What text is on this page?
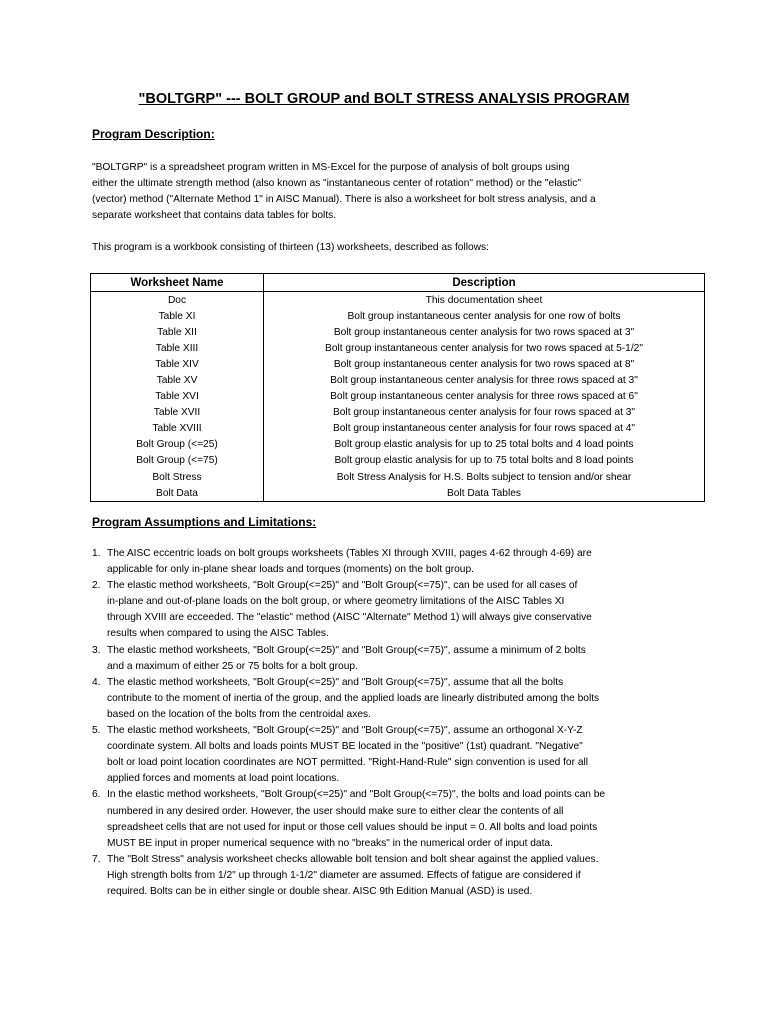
"BOLTGRP" --- BOLT GROUP and BOLT STRESS ANALYSIS PROGRAM
Program Description:
"BOLTGRP" is a spreadsheet program written in MS-Excel for the purpose of analysis of bolt groups using
either the ultimate strength method (also known as "instantaneous center of rotation" method) or the "elastic"
(vector) method ("Alternate Method 1" in AISC Manual). There is also a worksheet for bolt stress analysis, and a
separate worksheet that contains data tables for bolts.
This program is a workbook consisting of thirteen (13) worksheets, described as follows:
Worksheet Name	Description
Doc	This documentation sheet
Table XI	Bolt group instantaneous center analysis for one row of bolts
Table XII	Bolt group instantaneous center analysis for two rows spaced at 3"
Table XIII	Bolt group instantaneous center analysis for two rows spaced at 5-1/2"
Table XIV	Bolt group instantaneous center analysis for two rows spaced at 8"
Table XV	Bolt group instantaneous center analysis for three rows spaced at 3"
Table XVI	Bolt group instantaneous center analysis for three rows spaced at 6"
Table XVII	Bolt group instantaneous center analysis for four rows spaced at 3"
Table XVIII	Bolt group instantaneous center analysis for four rows spaced at 4"
Bolt Group (<=25)	Bolt group elastic analysis for up to 25 total bolts and 4 load points
Bolt Group (<=75)	Bolt group elastic analysis for up to 75 total bolts and 8 load points
Bolt Stress	Bolt Stress Analysis for H.S. Bolts subject to tension and/or shear
Bolt Data	Bolt Data Tables
Program Assumptions and Limitations:
1. The AISC eccentric loads on bolt groups worksheets (Tables XI through XVIII, pages 4-62 through 4-69) are
applicable for only in-plane shear loads and torques (moments) on the bolt group.
2. The elastic method worksheets, "Bolt Group(<=25)" and "Bolt Group(<=75)", can be used for all cases of
in-plane and out-of-plane loads on the bolt group, or where geometry limitations of the AISC Tables XI
through XVIII are ecceeded. The "elastic" method (AISC "Alternate" Method 1) will always give conservative
results when compared to using the AISC Tables.
3. The elastic method worksheets, "Bolt Group(<=25)" and "Bolt Group(<=75)", assume a minimum of 2 bolts
and a maximum of either 25 or 75 bolts for a bolt group.
4. The elastic method worksheets, "Bolt Group(<=25)" and "Bolt Group(<=75)", assume that all the bolts
contribute to the moment of inertia of the group, and the applied loads are linearly distributed among the bolts
based on the location of the bolts from the centroidal axes.
5. The elastic method worksheets, "Bolt Group(<=25)" and "Bolt Group(<=75)", assume an orthogonal X-Y-Z
coordinate system. All bolts and loads points MUST BE located in the "positive" (1st) quadrant. "Negative"
bolt or load point location coordinates are NOT permitted. "Right-Hand-Rule" sign convention is used for all
applied forces and moments at load point locations.
6. In the elastic method worksheets, "Bolt Group(<=25)" and "Bolt Group(<=75)", the bolts and load points can be
numbered in any desired order. However, the user should make sure to either clear the contents of all
spreadsheet cells that are not used for input or those cell values should be input = 0. All bolts and load points
MUST BE input in proper numerical sequence with no "breaks" in the numerical order of input data.
7. The "Bolt Stress" analysis worksheet checks allowable bolt tension and bolt shear against the applied values.
High strength bolts from 1/2" up through 1-1/2" diameter are assumed. Effects of fatigue are considered if
required. Bolts can be in either single or double shear. AISC 9th Edition Manual (ASD) is used.
